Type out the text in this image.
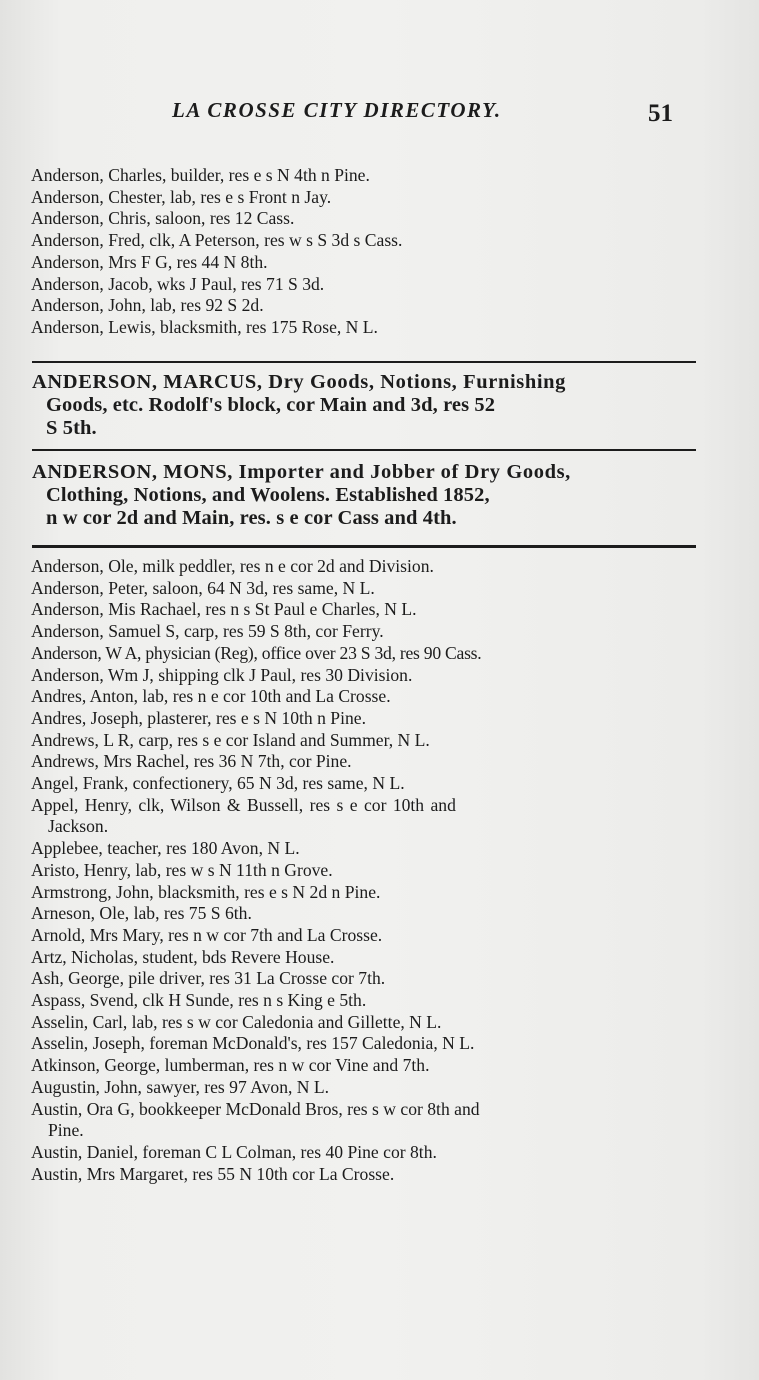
LA CROSSE CITY DIRECTORY.	51
Anderson, Charles, builder, res e s N 4th n Pine.
Anderson, Chester, lab, res e s Front n Jay.
Anderson, Chris, saloon, res 12 Cass.
Anderson, Fred, clk, A Peterson, res w s S 3d s Cass.
Anderson, Mrs F G, res 44 N 8th.
Anderson, Jacob, wks J Paul, res 71 S 3d.
Anderson, John, lab, res 92 S 2d.
Anderson, Lewis, blacksmith, res 175 Rose, N L.
ANDERSON, MARCUS, Dry Goods, Notions, Furnishing
Goods, etc. Rodolf's block, cor Main and 3d, res 52
S 5th.
ANDERSON, MONS, Importer and Jobber of Dry Goods,
Clothing, Notions, and Woolens. Established 1852,
n w cor 2d and Main, res. s e cor Cass and 4th.
Anderson, Ole, milk peddler, res n e cor 2d and Division.
Anderson, Peter, saloon, 64 N 3d, res same, N L.
Anderson, Mis Rachael, res n s St Paul e Charles, N L.
Anderson, Samuel S, carp, res 59 S 8th, cor Ferry.
Anderson, W A, physician (Reg), office over 23 S 3d, res 90 Cass.
Anderson, Wm J, shipping clk J Paul, res 30 Division.
Andres, Anton, lab, res n e cor 10th and La Crosse.
Andres, Joseph, plasterer, res e s N 10th n Pine.
Andrews, L R, carp, res s e cor Island and Summer, N L.
Andrews, Mrs Rachel, res 36 N 7th, cor Pine.
Angel, Frank, confectionery, 65 N 3d, res same, N L.
Appel, Henry, clk, Wilson & Bussell, res s e cor 10th and
Jackson.
Applebee, teacher, res 180 Avon, N L.
Aristo, Henry, lab, res w s N 11th n Grove.
Armstrong, John, blacksmith, res e s N 2d n Pine.
Arneson, Ole, lab, res 75 S 6th.
Arnold, Mrs Mary, res n w cor 7th and La Crosse.
Artz, Nicholas, student, bds Revere House.
Ash, George, pile driver, res 31 La Crosse cor 7th.
Aspass, Svend, clk H Sunde, res n s King e 5th.
Asselin, Carl, lab, res s w cor Caledonia and Gillette, N L.
Asselin, Joseph, foreman McDonald's, res 157 Caledonia, N L.
Atkinson, George, lumberman, res n w cor Vine and 7th.
Augustin, John, sawyer, res 97 Avon, N L.
Austin, Ora G, bookkeeper McDonald Bros, res s w cor 8th and
Pine.
Austin, Daniel, foreman C L Colman, res 40 Pine cor 8th.
Austin, Mrs Margaret, res 55 N 10th cor La Crosse.
